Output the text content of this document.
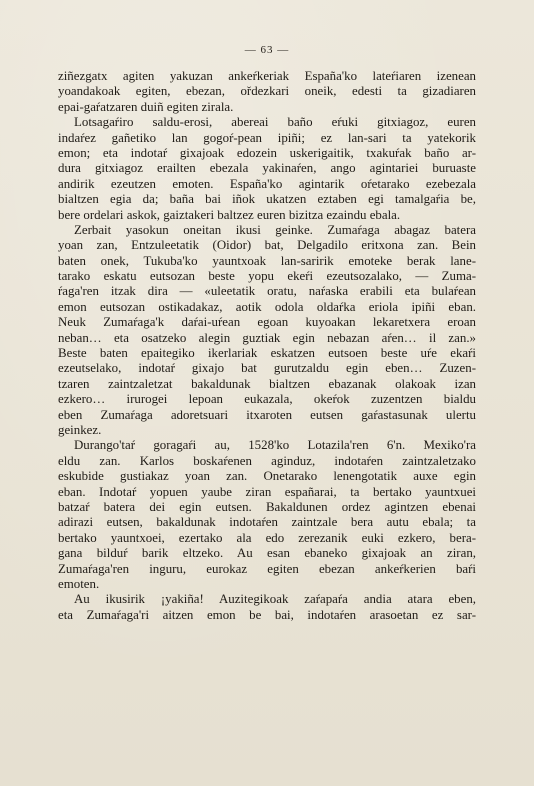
— 63 —
ziñezgatx agiten yakuzan ankeŕkeriak España'ko lateŕiaren izenean
yoandakoak egiten, ebezan, ořdezkari oneik, edesti ta gizadiaren
epai-gaŕatzaren duiñ egiten zirala.
Lotsagaŕiro saldu-erosi, abereai baño eŕuki gitxiagoz, euren
indaŕez gañetiko lan gogoŕ-pean ipiñi; ez lan-sari ta yatekorik
emon; eta indotaŕ gixajoak edozein uskerigaitik, txakuŕak baño ar-
dura gitxiagoz erailten ebezala yakinaŕen, ango agintariei buruaste
andirik ezeutzen emoten. España'ko agintarik oŕetarako ezebezala
bialtzen egia da; baña bai iñok ukatzen eztaben egi tamalgaŕia be,
bere ordelari askok, gaiztakeri baltzez euren bizitza ezaindu ebala.
Zerbait yasokun oneitan ikusi geinke. Zumaŕaga abagaz batera
yoan zan, Entzuleetatik (Oidor) bat, Delgadilo eritxona zan. Bein
baten onek, Tukuba'ko yauntxoak lan-saririk emoteke berak lane-
tarako eskatu eutsozan beste yopu ekeŕi ezeutsozalako, — Zuma-
ŕaga'ren itzak dira — «uleetatik oratu, naŕaska erabili eta bulaŕean
emon eutsozan ostikadakaz, aotik odola oldaŕka eriola ipiñi eban.
Neuk Zumaŕaga'k daŕai-uŕean egoan kuyoakan lekaretxera eroan
neban… eta osatzeko alegin guztiak egin nebazan aŕen… il zan.»
Beste baten epaitegiko ikerlariak eskatzen eutsoen beste uŕe ekaŕi
ezeutselako, indotaŕ gixajo bat gurutzaldu egin eben… Zuzen-
tzaren zaintzaletzat bakaldunak bialtzen ebazanak olakoak izan
ezkero… irurogei lepoan eukazala, okeŕok zuzentzen bialdu
eben Zumaŕaga adoretsuari itxaroten eutsen gaŕastasunak ulertu
geinkez.
Durango'taŕ goragaŕi au, 1528'ko Lotazila'ren 6'n. Mexiko'ra
eldu zan. Karlos boskaŕenen aginduz, indotaŕen zaintzaletzako
eskubide gustiakaz yoan zan. Onetarako lenengotatik auxe egin
eban. Indotaŕ yopuen yaube ziran españarai, ta bertako yauntxuei
batzaŕ batera dei egin eutsen. Bakaldunen ordez agintzen ebenai
adirazi eutsen, bakaldunak indotaŕen zaintzale bera autu ebala; ta
bertako yauntxoei, ezertako ala edo zerezanik euki ezkero, bera-
gana bilduŕ barik eltzeko. Au esan ebaneko gixajoak an ziran,
Zumaŕaga'ren inguru, eurokaz egiten ebezan ankeŕkerien baŕi
emoten.
Au ikusirik ¡yakiña! Auzitegikoak zaŕapaŕa andia atara eben,
eta Zumaŕaga'ri aitzen emon be bai, indotaŕen arasoetan ez sar-
